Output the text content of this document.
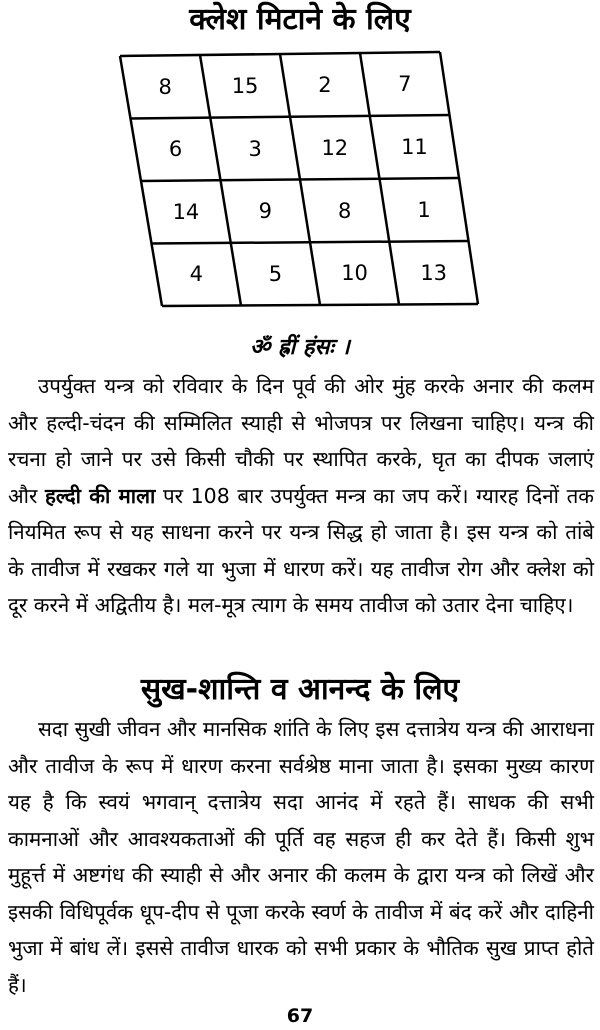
क्लेश मिटाने के लिए
8	15	2	7
6	3	12	11
14	9	8	1
4	5	10 13
ॐ ह्रीं हंसः ।

उपर्युक्त यन्त्र को रविवार के दिन पूर्व की ओर मुंह करके अनार की कलम और हल्दी-चंदन की सम्मिलित स्याही से भोजपत्र पर लिखना चाहिए। यन्त्र की रचना हो जाने पर उसे किसी चौकी पर स्थापित करके, घृत का दीपक जलाएं और हल्दी की माला पर 108 बार उपर्युक्त मन्त्र का जप करें। ग्यारह दिनों तक नियमित रूप से यह साधना करने पर यन्त्र सिद्ध हो जाता है। इस यन्त्र को तांबे के तावीज में रखकर गले या भुजा में धारण करें। यह तावीज रोग और क्लेश को दूर करने में अद्वितीय है। मल-मूत्र त्याग के समय तावीज को उतार देना चाहिए।

सुख-शान्ति व आनन्द के लिए

सदा सुखी जीवन और मानसिक शांति के लिए इस दत्तात्रेय यन्त्र की आराधना और तावीज के रूप में धारण करना सर्वश्रेष्ठ माना जाता है। इसका मुख्य कारण यह है कि स्वयं भगवान् दत्तात्रेय सदा आनंद में रहते हैं। साधक की सभी कामनाओं और आवश्यकताओं की पूर्ति वह सहज ही कर देते हैं। किसी शुभ मुहूर्त्त में अष्टगंध की स्याही से और अनार की कलम के द्वारा यन्त्र को लिखें और इसकी विधिपूर्वक धूप-दीप से पूजा करके स्वर्ण के तावीज में बंद करें और दाहिनी भुजा में बांध लें। इससे तावीज धारक को सभी प्रकार के भौतिक सुख प्राप्त होते हैं।

67
